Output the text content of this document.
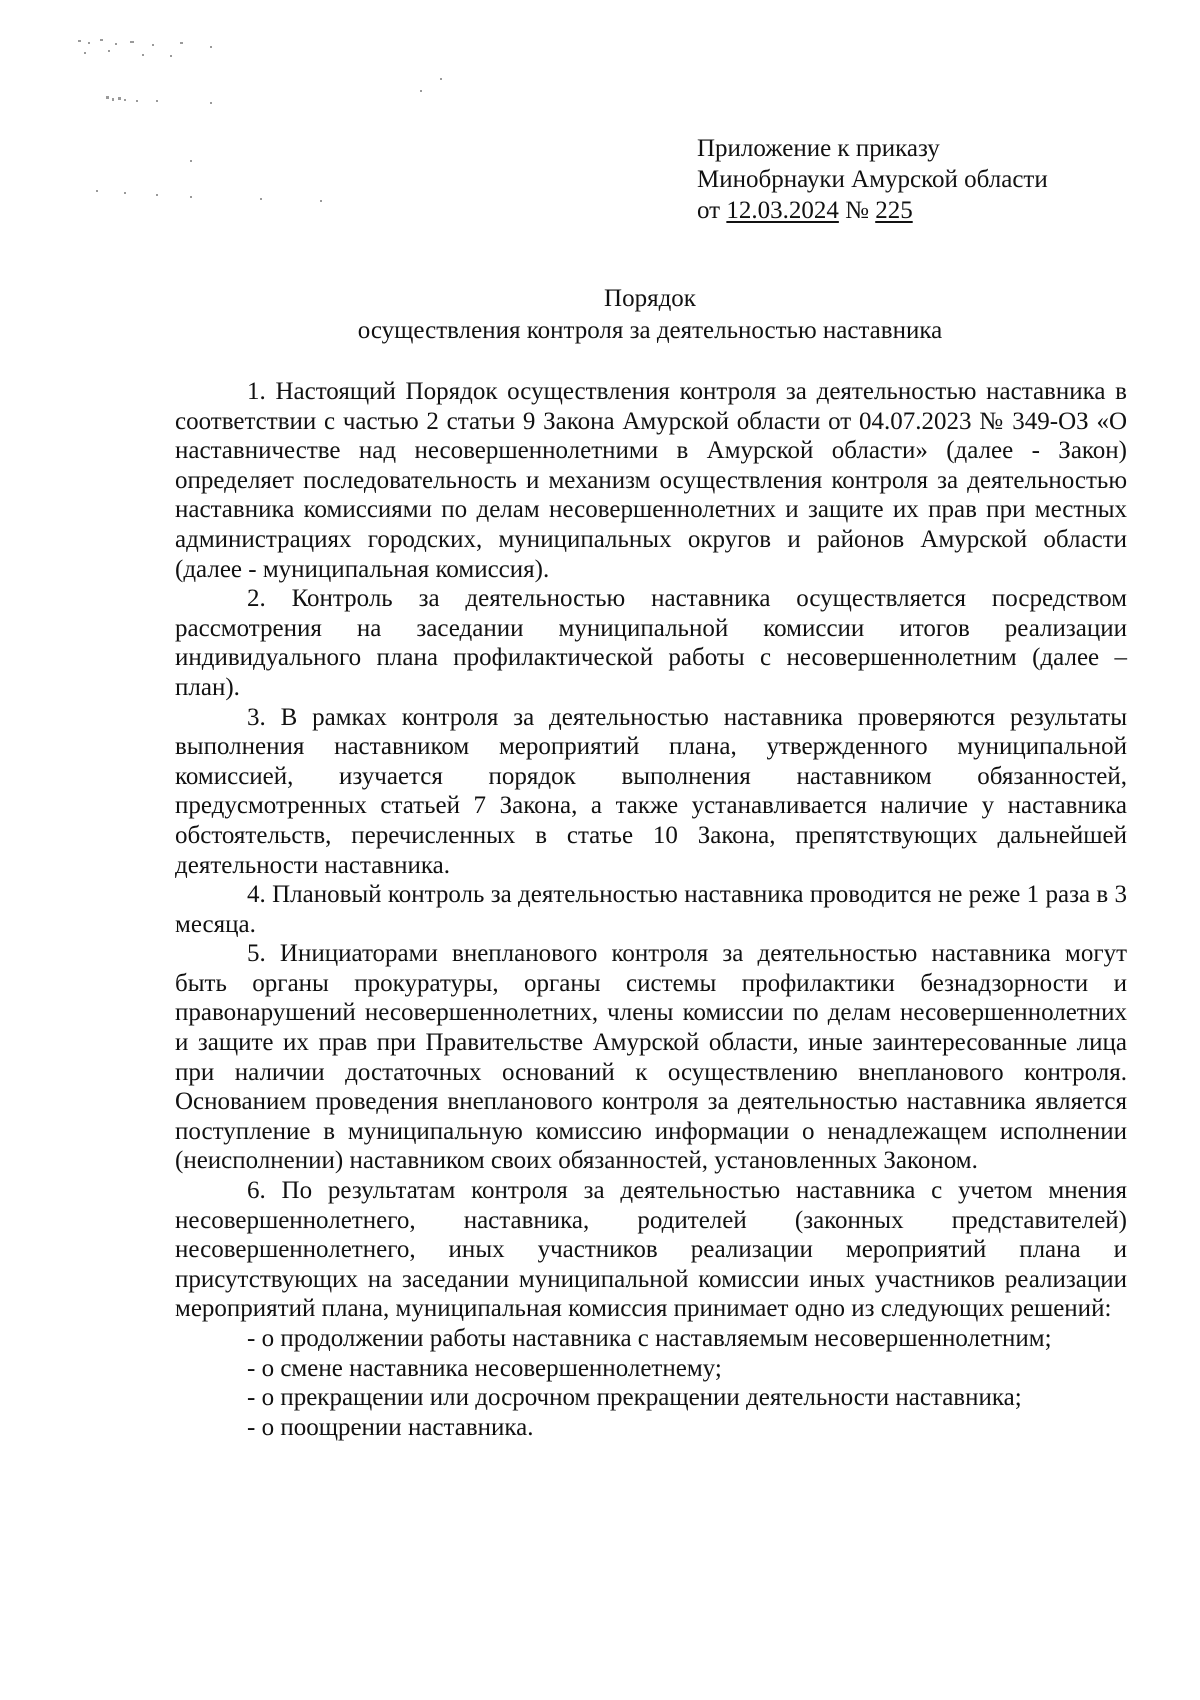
Приложение к приказу
Минобрнауки Амурской области
от 12.03.2024 № 225
Порядок
осуществления контроля за деятельностью наставника

1. Настоящий Порядок осуществления контроля за деятельностью наставника в соответствии с частью 2 статьи 9 Закона Амурской области от 04.07.2023 № 349-ОЗ «О наставничестве над несовершеннолетними в Амурской области» (далее - Закон) определяет последовательность и механизм осуществления контроля за деятельностью наставника комиссиями по делам несовершеннолетних и защите их прав при местных администрациях городских, муниципальных округов и районов Амурской области (далее - муниципальная комиссия).

2. Контроль за деятельностью наставника осуществляется посредством рассмотрения на заседании муниципальной комиссии итогов реализации индивидуального плана профилактической работы с несовершеннолетним (далее – план).

3. В рамках контроля за деятельностью наставника проверяются результаты выполнения наставником мероприятий плана, утвержденного муниципальной комиссией, изучается порядок выполнения наставником обязанностей, предусмотренных статьей 7 Закона, а также устанавливается наличие у наставника обстоятельств, перечисленных в статье 10 Закона, препятствующих дальнейшей деятельности наставника.

4. Плановый контроль за деятельностью наставника проводится не реже 1 раза в 3 месяца.

5. Инициаторами внепланового контроля за деятельностью наставника могут быть органы прокуратуры, органы системы профилактики безнадзорности и правонарушений несовершеннолетних, члены комиссии по делам несовершеннолетних и защите их прав при Правительстве Амурской области, иные заинтересованные лица при наличии достаточных оснований к осуществлению внепланового контроля. Основанием проведения внепланового контроля за деятельностью наставника является поступление в муниципальную комиссию информации о ненадлежащем исполнении (неисполнении) наставником своих обязанностей, установленных Законом.

6. По результатам контроля за деятельностью наставника с учетом мнения несовершеннолетнего, наставника, родителей (законных представителей) несовершеннолетнего, иных участников реализации мероприятий плана и присутствующих на заседании муниципальной комиссии иных участников реализации мероприятий плана, муниципальная комиссия принимает одно из следующих решений:

- о продолжении работы наставника с наставляемым несовершеннолетним;

- о смене наставника несовершеннолетнему;

- о прекращении или досрочном прекращении деятельности наставника;

- о поощрении наставника.
